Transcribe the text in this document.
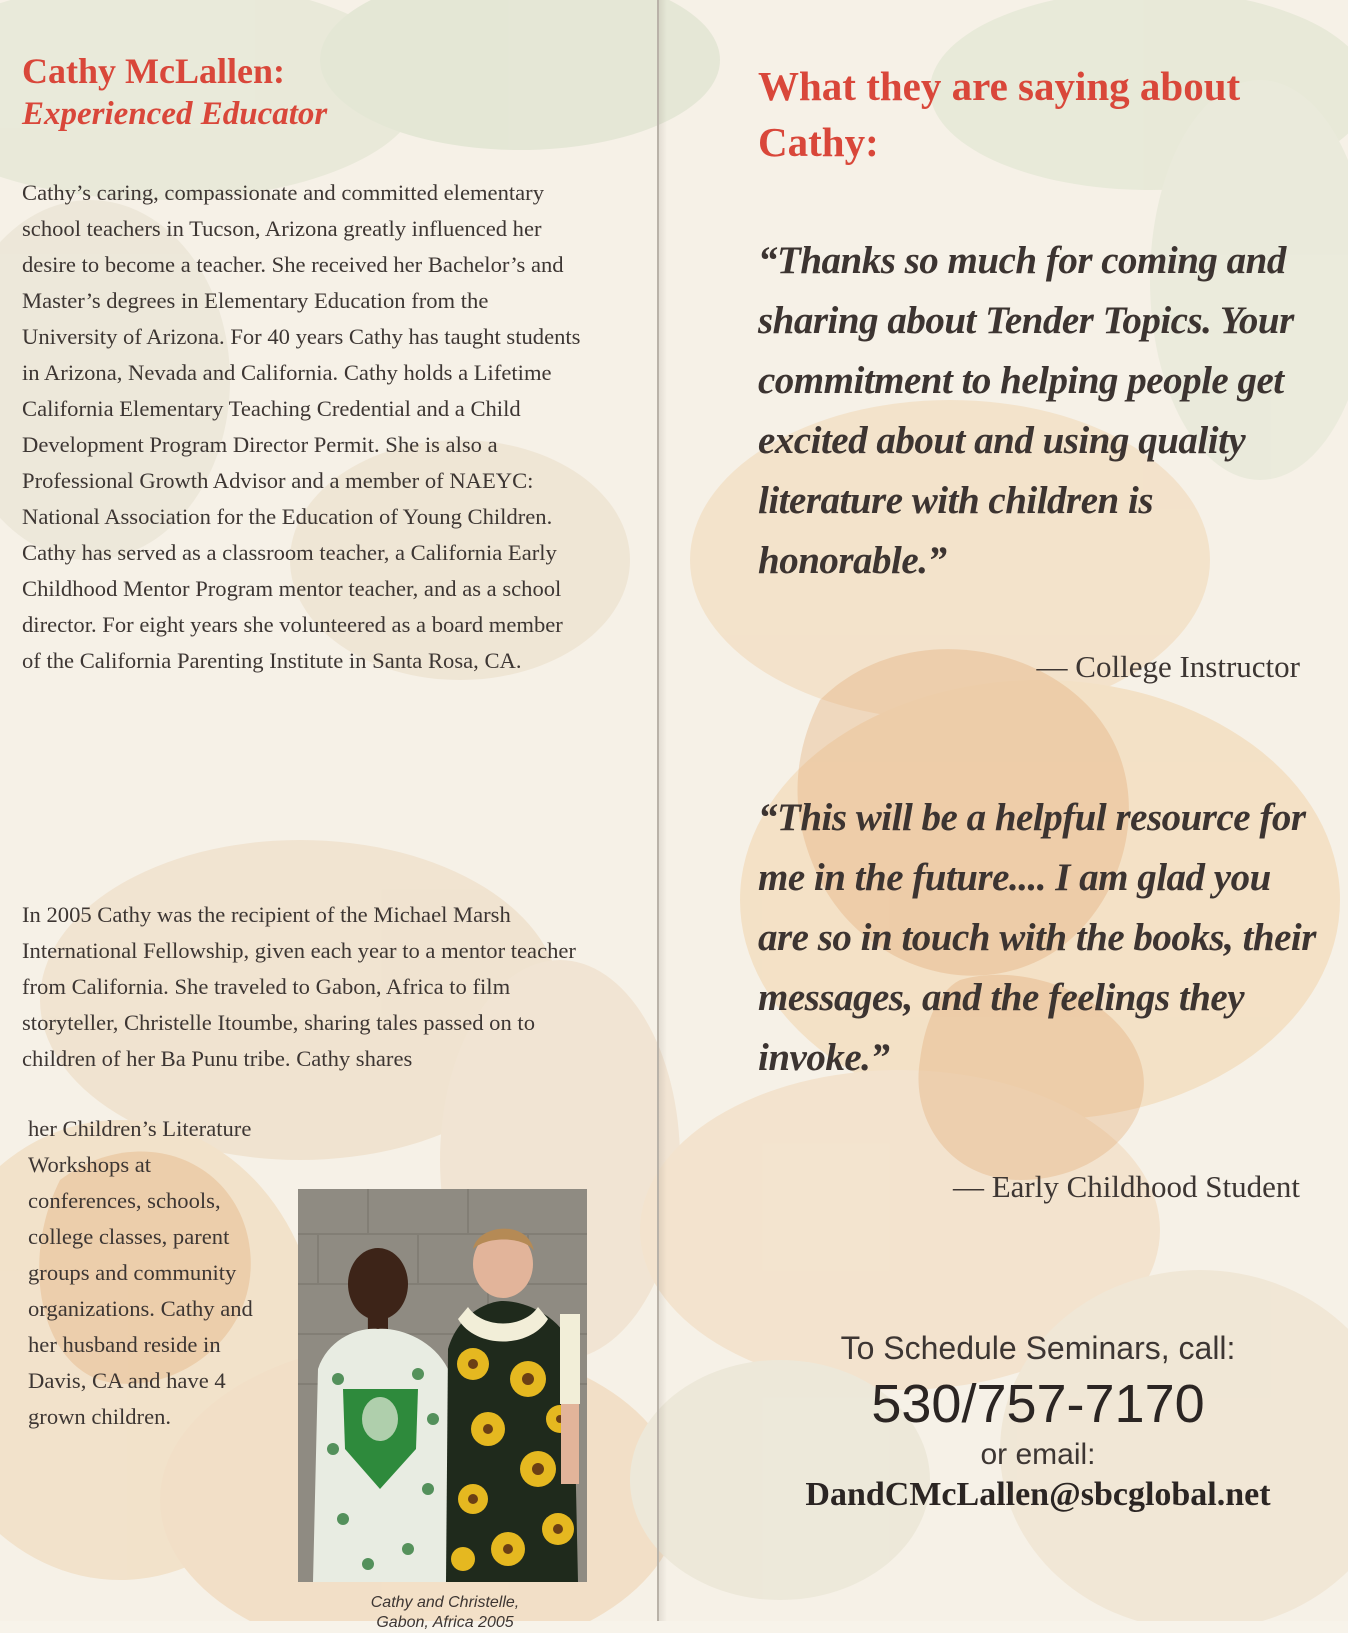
Cathy McLallen:
Experienced Educator

Cathy’s caring, compassionate and committed elementary school teachers in Tucson, Arizona greatly influenced her desire to become a teacher. She received her Bachelor’s and Master’s degrees in Elementary Education from the University of Arizona. For 40 years Cathy has taught students in Arizona, Nevada and California. Cathy holds a Lifetime California Elementary Teaching Credential and a Child Development Program Director Permit. She is also a Professional Growth Advisor and a member of NAEYC: National Association for the Education of Young Children. Cathy has served as a classroom teacher, a California Early Childhood Mentor Program mentor teacher, and as a school director. For eight years she volunteered as a board member of the California Parenting Institute in Santa Rosa, CA.

In 2005 Cathy was the recipient of the Michael Marsh International Fellowship, given each year to a mentor teacher from California. She traveled to Gabon, Africa to film storyteller, Christelle Itoumbe, sharing tales passed on to children of her Ba Punu tribe. Cathy shares

her Children’s Literature Workshops at conferences, schools, college classes, parent groups and community organizations. Cathy and her husband reside in Davis, CA and have 4 grown children.

Cathy and Christelle,
Gabon, Africa 2005
What they are saying about Cathy:

“Thanks so much for coming and sharing about Tender Topics. Your commitment to helping people get excited about and using quality literature with children is honorable.”

— College Instructor

“This will be a helpful resource for me in the future.... I am glad you are so in touch with the books, their messages, and the feelings they invoke.”

— Early Childhood Student

To Schedule Seminars, call:
530/757-7170
or email:
DandCMcLallen@sbcglobal.net
